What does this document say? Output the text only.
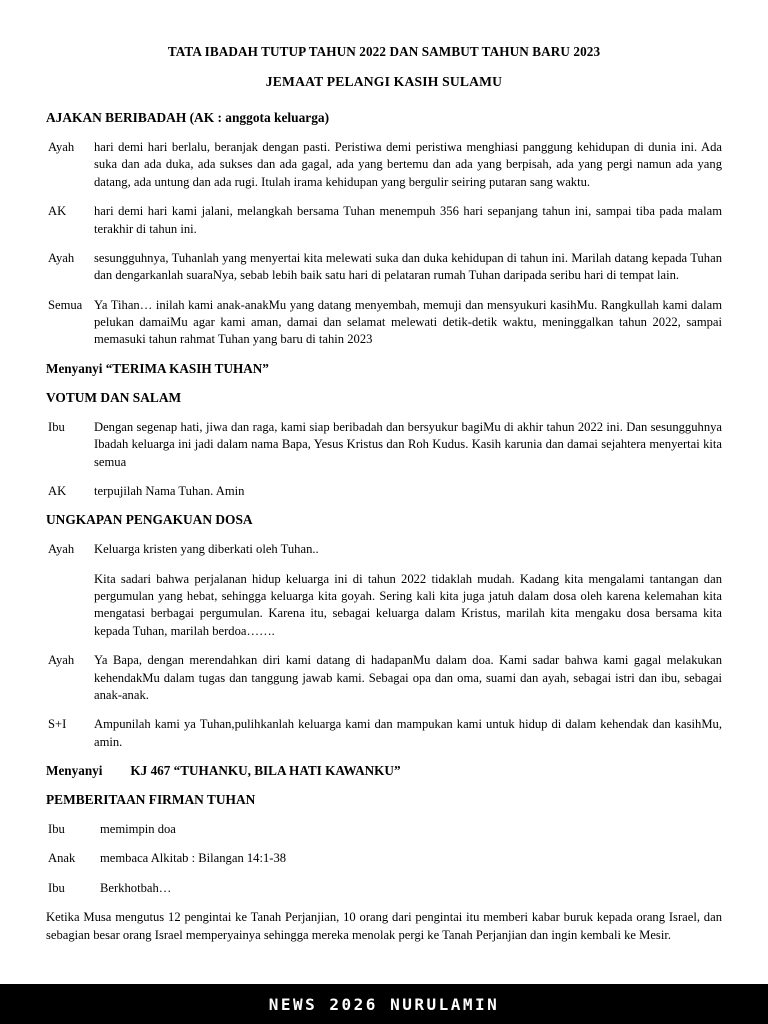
TATA IBADAH TUTUP TAHUN 2022 DAN SAMBUT TAHUN BARU 2023
JEMAAT PELANGI KASIH SULAMU
AJAKAN BERIBADAH (AK : anggota keluarga)
Ayah	hari demi hari berlalu, beranjak dengan pasti. Peristiwa demi peristiwa menghiasi panggung kehidupan di dunia ini. Ada suka dan ada duka, ada sukses dan ada gagal, ada yang bertemu dan ada yang berpisah, ada yang pergi namun ada yang datang, ada untung dan ada rugi. Itulah irama kehidupan yang bergulir seiring putaran sang waktu.
AK	hari demi hari kami jalani, melangkah bersama Tuhan menempuh 356 hari sepanjang tahun ini, sampai tiba pada malam terakhir di tahun ini.
Ayah	sesungguhnya, Tuhanlah yang menyertai kita melewati suka dan duka kehidupan di tahun ini. Marilah datang kepada Tuhan dan dengarkanlah suaraNya, sebab lebih baik satu hari di pelataran rumah Tuhan daripada seribu hari di tempat lain.
Semua Ya Tihan… inilah kami anak-anakMu yang datang menyembah, memuji dan mensyukuri kasihMu. Rangkullah kami dalam pelukan damaiMu agar kami aman, damai dan selamat melewati detik-detik waktu, meninggalkan tahun 2022, sampai memasuki tahun rahmat Tuhan yang baru di tahin 2023
Menyanyi “TERIMA KASIH TUHAN”
VOTUM DAN SALAM
Ibu	Dengan segenap hati, jiwa dan raga, kami siap beribadah dan bersyukur bagiMu di akhir tahun 2022 ini. Dan sesungguhnya Ibadah keluarga ini jadi dalam nama Bapa, Yesus Kristus dan Roh Kudus. Kasih karunia dan damai sejahtera menyertai kita semua
AK	terpujilah Nama Tuhan. Amin
UNGKAPAN PENGAKUAN DOSA
Ayah	Keluarga kristen yang diberkati oleh Tuhan..
Kita sadari bahwa perjalanan hidup keluarga ini di tahun 2022 tidaklah mudah. Kadang kita mengalami tantangan dan pergumulan yang hebat, sehingga keluarga kita goyah. Sering kali kita juga jatuh dalam dosa oleh karena kelemahan kita mengatasi berbagai pergumulan. Karena itu, sebagai keluarga dalam Kristus, marilah kita mengaku dosa bersama kita kepada Tuhan, marilah berdoa…….
Ayah	Ya Bapa, dengan merendahkan diri kami datang di hadapanMu dalam doa. Kami sadar bahwa kami gagal melakukan kehendakMu dalam tugas dan tanggung jawab kami. Sebagai opa dan oma, suami dan ayah, sebagai istri dan ibu, sebagai anak-anak.
S+I	Ampunilah kami ya Tuhan,pulihkanlah keluarga kami dan mampukan kami untuk hidup di dalam kehendak dan kasihMu, amin.
Menyanyi KJ 467 “TUHANKU, BILA HATI KAWANKU”
PEMBERITAAN FIRMAN TUHAN
Ibu	memimpin doa
Anak	membaca Alkitab : Bilangan 14:1-38
Ibu	Berkhotbah…
Ketika Musa mengutus 12 pengintai ke Tanah Perjanjian, 10 orang dari pengintai itu memberi kabar buruk kepada orang Israel, dan sebagian besar orang Israel memperyainya sehingga mereka menolak pergi ke Tanah Perjanjian dan ingin kembali ke Mesir.
NEWS 2026 NURULAMIN
